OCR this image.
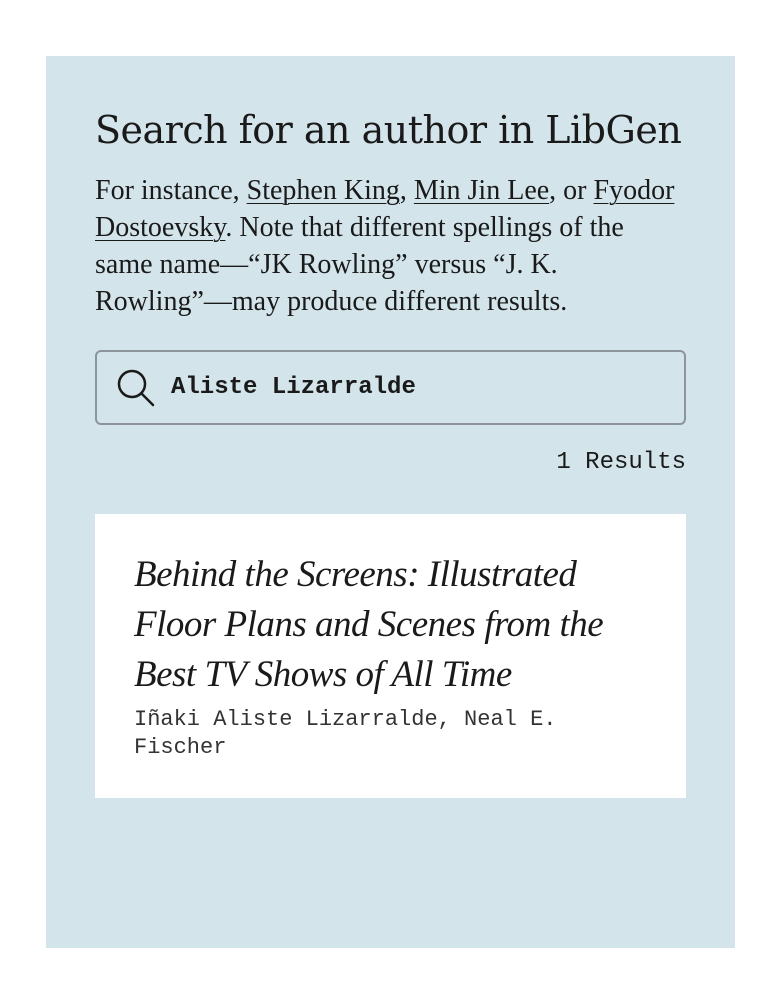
Search for an author in LibGen

For instance, Stephen King, Min Jin Lee, or Fyodor Dostoevsky. Note that different spellings of the same name—“JK Rowling” versus “J. K. Rowling”—may produce different results.

Aliste Lizarralde
1 Results
Behind the Screens: Illustrated Floor Plans and Scenes from the Best TV Shows of All Time
Iñaki Aliste Lizarralde, Neal E. Fischer
